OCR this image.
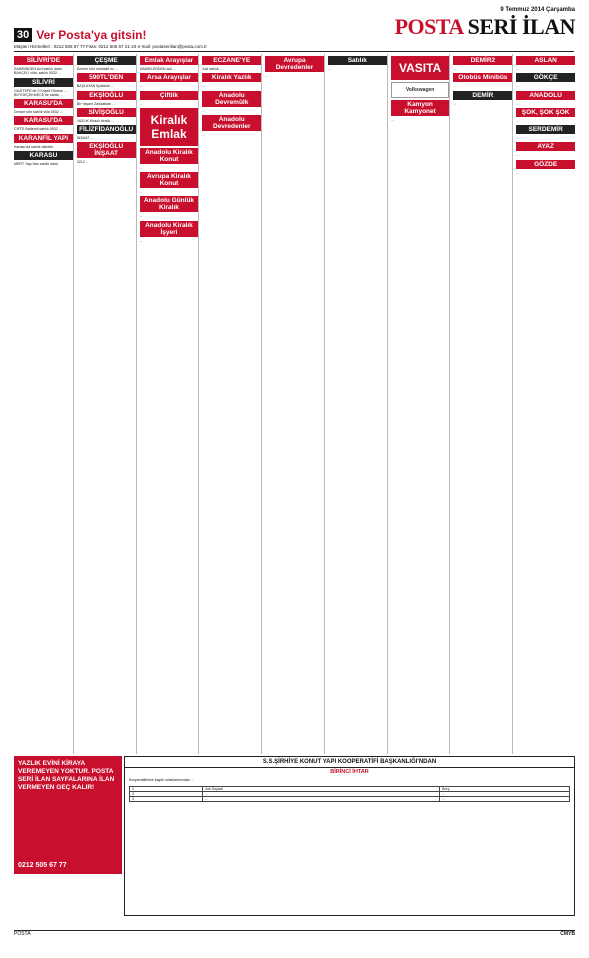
9 Temmuz 2014 Çarşamba
POSTA SERİ İLAN
30 Ver Posta'ya gitsin!
Müşteri Hizmetleri : 0212 505 67 77 Faks: 0212 505 67 21-23 e-mail: postaseriilan@posta.com.tr
SİLİVRİ'DE

SAHİBİNDEN Acil satılık daire. BAHÇELİ villa, satılık 0532 ...

SİLİVRİ

GAZİTEPE'de 3 Köşeli Otoban ... BÜYÜKÇEKMECE'de satılık ...

KARASU'DA

Denize sıfır satılık villa 0532 ...

KARASU'DA

CİFTE Bademli satılık 0532 ...

KARANFİL YAPI

Karasu'da satılık daireler

KARASU

MERT Yapı'dan satılık daire

ÇEŞME

Denize sıfır müstakil ev ...

590TL'DEN

BAŞLAYAN fiyatlarla ...

EKŞİOĞLU

Bir Yaşam Zanaatkarı ...

SİVİŞOĞLU

YAZLIK Kirazlı kiralık ...

FİLİZFİDANOĞLU

İNŞAAT ...

EKŞİOĞLU İNŞAAT

0212 ...

Emlak Arayışlar

DAİMELERDEN acil ...

Arsa Arayışlar

...

Çiftlik

...

Kiralık Emlak
Anadolu Kiralık Konut

...

Avrupa Kiralık Konut

...

Anadolu Günlük Kiralık

...

Anadolu Kiralık İşyeri

...

ECZANE'YE

Acil satılık ...

Kiralık Yazlık

...

Anadolu Devremülk

...

Anadolu Devredenler

...

Avrupa Devredenler

...

Satılık

...	VASITA
Volkswagen
Kamyon Kamyonet

...

DEMİR2

...

Otobüs Minibüs

...

DEMİR

...

ASLAN

...

GÖKÇE

...

ANADOLU

...

ŞOK, ŞOK ŞOK

...

SERDEMİR

...

AYAZ

...

GÖZDE

...

YAZLIK EVİNİ KİRAYA VEREMEYEN YOKTUR. POSTA SERİ İLAN SAYFALARINA İLAN VERMEYEN GEÇ KALIR!
0212 505 67 77
S.S.ŞİRHİYE KONUT YAPI KOOPERATİFİ BAŞKANLIĞI'NDAN
BİRİNCİ İHTAR
Kooperatifimize kayıtlı ortaklarımızdan ...
1	Adı Soyadı	Borç
2	...	...
3	...	...
POSTA	CMYB
